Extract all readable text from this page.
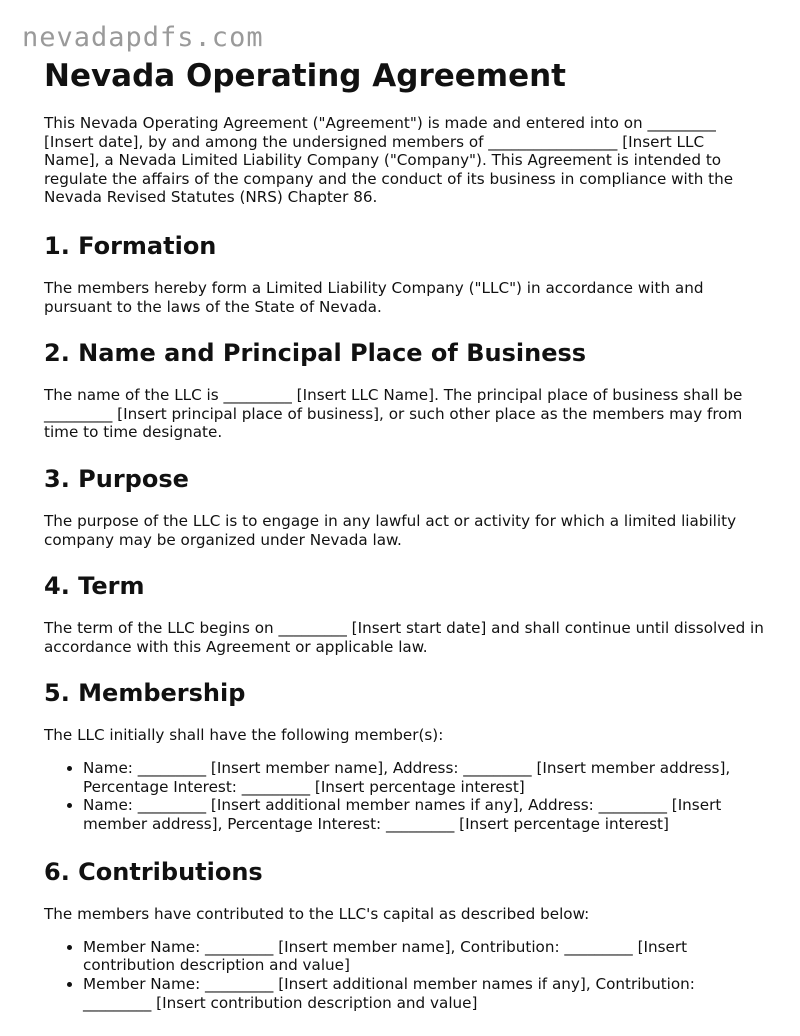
nevadapdfs.com
Nevada Operating Agreement

This Nevada Operating Agreement ("Agreement") is made and entered into on _________ [Insert date], by and among the undersigned members of _________________ [Insert LLC Name], a Nevada Limited Liability Company ("Company"). This Agreement is intended to regulate the affairs of the company and the conduct of its business in compliance with the Nevada Revised Statutes (NRS) Chapter 86.

1. Formation

The members hereby form a Limited Liability Company ("LLC") in accordance with and pursuant to the laws of the State of Nevada.

2. Name and Principal Place of Business

The name of the LLC is _________ [Insert LLC Name]. The principal place of business shall be _________ [Insert principal place of business], or such other place as the members may from time to time designate.

3. Purpose

The purpose of the LLC is to engage in any lawful act or activity for which a limited liability company may be organized under Nevada law.

4. Term

The term of the LLC begins on _________ [Insert start date] and shall continue until dissolved in accordance with this Agreement or applicable law.

5. Membership

The LLC initially shall have the following member(s):

• Name: _________ [Insert member name], Address: _________ [Insert member address], Percentage Interest: _________ [Insert percentage interest]
• Name: _________ [Insert additional member names if any], Address: _________ [Insert member address], Percentage Interest: _________ [Insert percentage interest]
6. Contributions

The members have contributed to the LLC's capital as described below:

• Member Name: _________ [Insert member name], Contribution: _________ [Insert contribution description and value]
• Member Name: _________ [Insert additional member names if any], Contribution: _________ [Insert contribution description and value]
